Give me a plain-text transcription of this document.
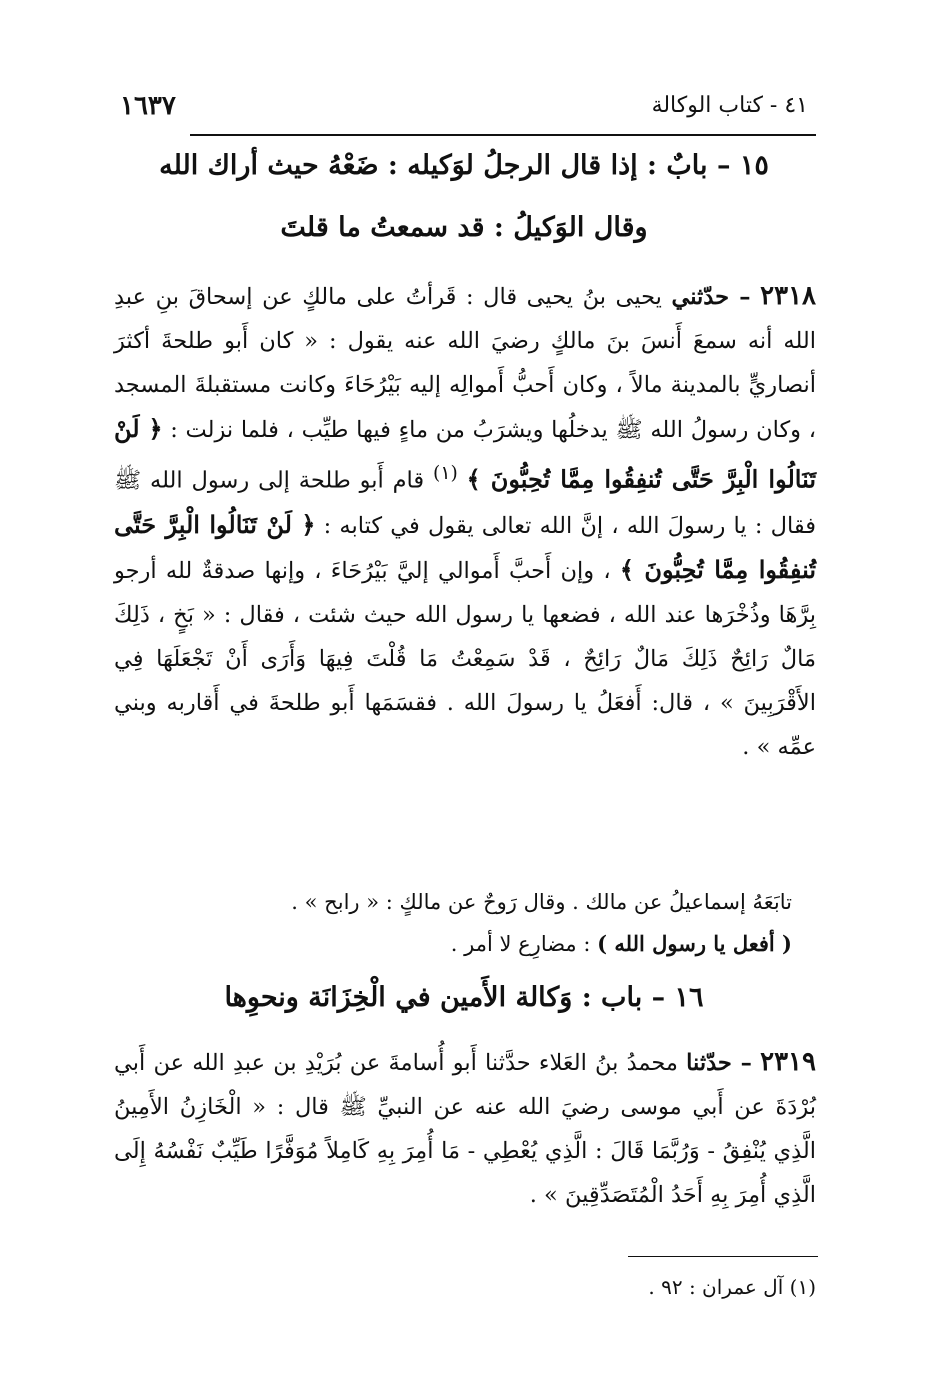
٤١ - كتاب الوكالة
١٦٣٧
١٥ – بابٌ : إذا قال الرجلُ لوَكيله : ضَعْهُ حيث أراك الله
وقال الوَكيلُ : قد سمعتُ ما قلتَ

٢٣١٨ – حدّثني يحيى بنُ يحيى قال : قَرأتُ على مالكٍ عن إسحاقَ بنِ عبدِ الله أنه سمعَ أَنسَ بنَ مالكٍ رضيَ الله عنه يقول : « كان أَبو طلحةَ أكثرَ أنصاريٍّ بالمدينة مالاً ، وكان أَحبُّ أَموالِه إليه بَيْرُحَاءَ وكانت مستقبلةَ المسجد ، وكان رسولُ الله ﷺ يدخلُها ويشرَبُ من ماءٍ فيها طيِّب ، فلما نزلت : ﴿ لَنْ تَنَالُوا الْبِرَّ حَتَّى تُنفِقُوا مِمَّا تُحِبُّونَ ﴾ $^{(١)}$ قام أَبو طلحة إلى رسول الله ﷺ فقال : يا رسولَ الله ، إنَّ الله تعالى يقول في كتابه : ﴿ لَنْ تَنَالُوا الْبِرَّ حَتَّى تُنفِقُوا مِمَّا تُحِبُّونَ ﴾ ، وإن أَحبَّ أَموالي إليَّ بَيْرُحَاءَ ، وإنها صدقةٌ لله أرجو بِرَّهَا وذُخْرَها عند الله ، فضعها يا رسول الله حيث شئت ، فقال : « بَخٍ ، ذَلِكَ مَالٌ رَائِحٌ ذَلِكَ مَالٌ رَائِحٌ ، قَدْ سَمِعْتُ مَا قُلْتَ فِيهَا وَأَرَى أَنْ تَجْعَلَهَا فِي الأَقْرَبِينَ » ، قال: أَفعَلُ يا رسولَ الله . فقسَمَها أَبو طلحةَ في أَقاربه وبني عمِّه » .

تابَعَهُ إسماعيلُ عن مالك . وقال رَوحٌ عن مالكٍ : « رابح » .

( أفعل يا رسول الله ) : مضارِع لا أمر .

١٦ – باب : وَكالة الأَمين في الْخِزَانَة ونحوِها

٢٣١٩ – حدّثنا محمدُ بنُ العَلاء حدَّثنا أَبو أُسامةَ عن بُرَيْدِ بن عبدِ الله عن أَبي بُرْدَةَ عن أَبي موسى رضيَ الله عنه عن النبيِّ ﷺ قال : « الْخَازِنُ الأَمِينُ الَّذِي يُنْفِقُ - وَرُبَّمَا قَالَ : الَّذِي يُعْطِي - مَا أُمِرَ بِهِ كَامِلاً مُوَفَّرًا طَيِّبٌ نَفْسُهُ إِلَى الَّذِي أُمِرَ بِهِ أَحَدُ الْمُتَصَدِّقِينَ » .

(١) آل عمران : ٩٢ .
